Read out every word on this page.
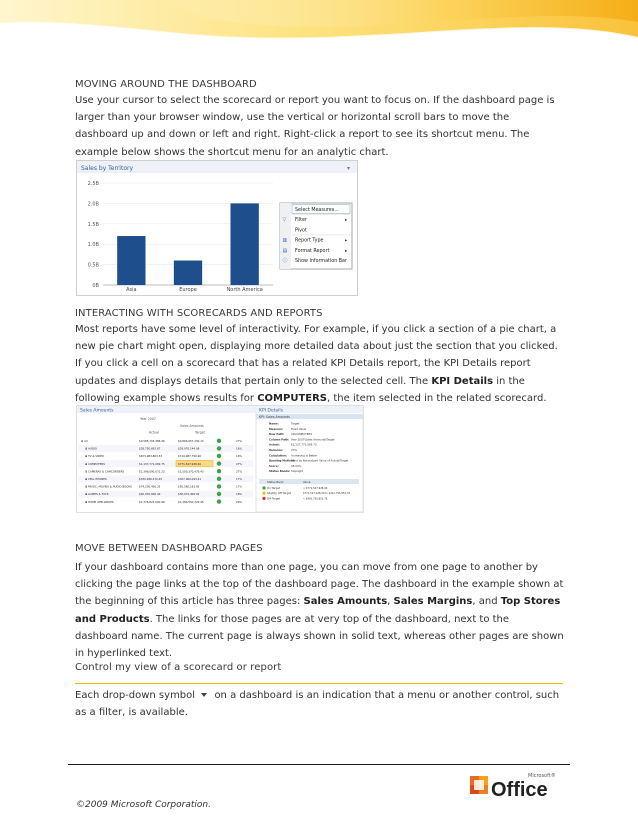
MOVING AROUND THE DASHBOARD

Use your cursor to select the scorecard or report you want to focus on. If the dashboard page is larger than your browser window, use the vertical or horizontal scroll bars to move the dashboard up and down or left and right. Right-click a report to see its shortcut menu. The example below shows the shortcut menu for an analytic chart.

Sales by Territory	▾
2.5B
2.0B
1.5B
1.0B
0.5B
0B
Asia	Europe	North America
Select Measures...
Filter
▽	▸
Pivot
Report Type
▥	▸
Format Report
▤	▸
Show Information Bar
ⓘ
INTERACTING WITH SCORECARDS AND REPORTS

Most reports have some level of interactivity. For example, if you click a section of a pie chart, a new pie chart might open, displaying more detailed data about just the section that you clicked. If you click a cell on a scorecard that has a related KPI Details report, the KPI Details report updates and displays details that pertain only to the selected cell. The KPI Details in the following example shows results for COMPUTERS, the item selected in the related scorecard.

Sales Amounts
Year 2007
Sales Amounts
Actual	Target
⊟ All	$9,585,703,386.96	$9,866,657,230.13	27%
⊞ AUDIO	$28,750,692.67	$29,076,144.08	16%
⊞ TV & VIDEO	$673,983,863.33	$719,987,799.90	16%
⊞ COMPUTERS	$1,137,771,069.75	$771,547,928.40	27%
⊞ CAMERAS & CAMCORDERS	$1,396,090,072.23	$1,500,370,478.43	27%
⊞ CELL PHONES	$330,936,270.45	$357,060,093.41	17%
⊞ MUSIC, MOVIES & AUDIO BOOKS	$74,236,406.25	$50,560,183.95	17%
⊞ GAMES & TOYS	$40,932,006.40	$30,974,409.92	18%
⊞ HOME APPLIANCES	$1,376,823,600.98	$1,389,550,729.95	20%
KPI Details
KPI: Sales Amounts
Name:	Target
Measure:	Fixed Value
Row Path: All\COMPUTERS
Column Path: Year 2007\Sales Amounts\Target
Actual:	$1,137,771,069.73
Variance:	27%
Calculation: Increasing is Better
Banding Method:
Band by Normalized Value of Actual/Target
Score:	95.00%
Status Bands: Stoplight
Status Band	Value
On Target	> $771,547,928.40
Slightly Off Target	$771,547,928.40 to $491,795,853.76
Off Target	< $491,795,853.76
MOVE BETWEEN DASHBOARD PAGES

If your dashboard contains more than one page, you can move from one page to another by clicking the page links at the top of the dashboard page. The dashboard in the example shown at the beginning of this article has three pages: Sales Amounts, Sales Margins, and Top Stores and Products. The links for those pages are at very top of the dashboard, next to the dashboard name. The current page is always shown in solid text, whereas other pages are shown in hyperlinked text.

Control my view of a scorecard or report

Each drop-down symbol on a dashboard is an indication that a menu or another control, such as a filter, is available.

Microsoft®
Office
©2009 Microsoft Corporation.
